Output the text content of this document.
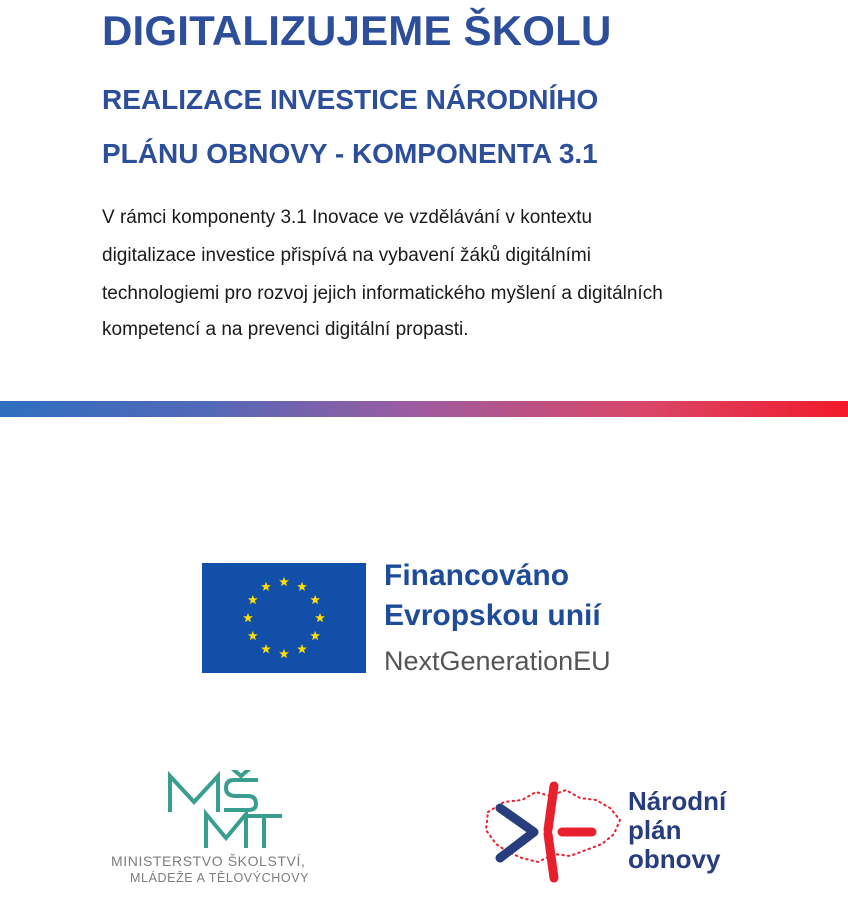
DIGITALIZUJEME ŠKOLU
REALIZACE INVESTICE NÁRODNÍHO
PLÁNU OBNOVY - KOMPONENTA 3.1

V rámci komponenty 3.1 Inovace ve vzdělávání v kontextu

digitalizace investice přispívá na vybavení žáků digitálními

technologiemi pro rozvoj jejich informatického myšlení a digitálních

kompetencí a na prevenci digitální propasti.

Financováno

Evropskou unií

NextGenerationEU

MINISTERSTVO ŠKOLSTVÍ,

MLÁDEŽE A TĚLOVÝCHOVY

Národní

plán

obnovy
